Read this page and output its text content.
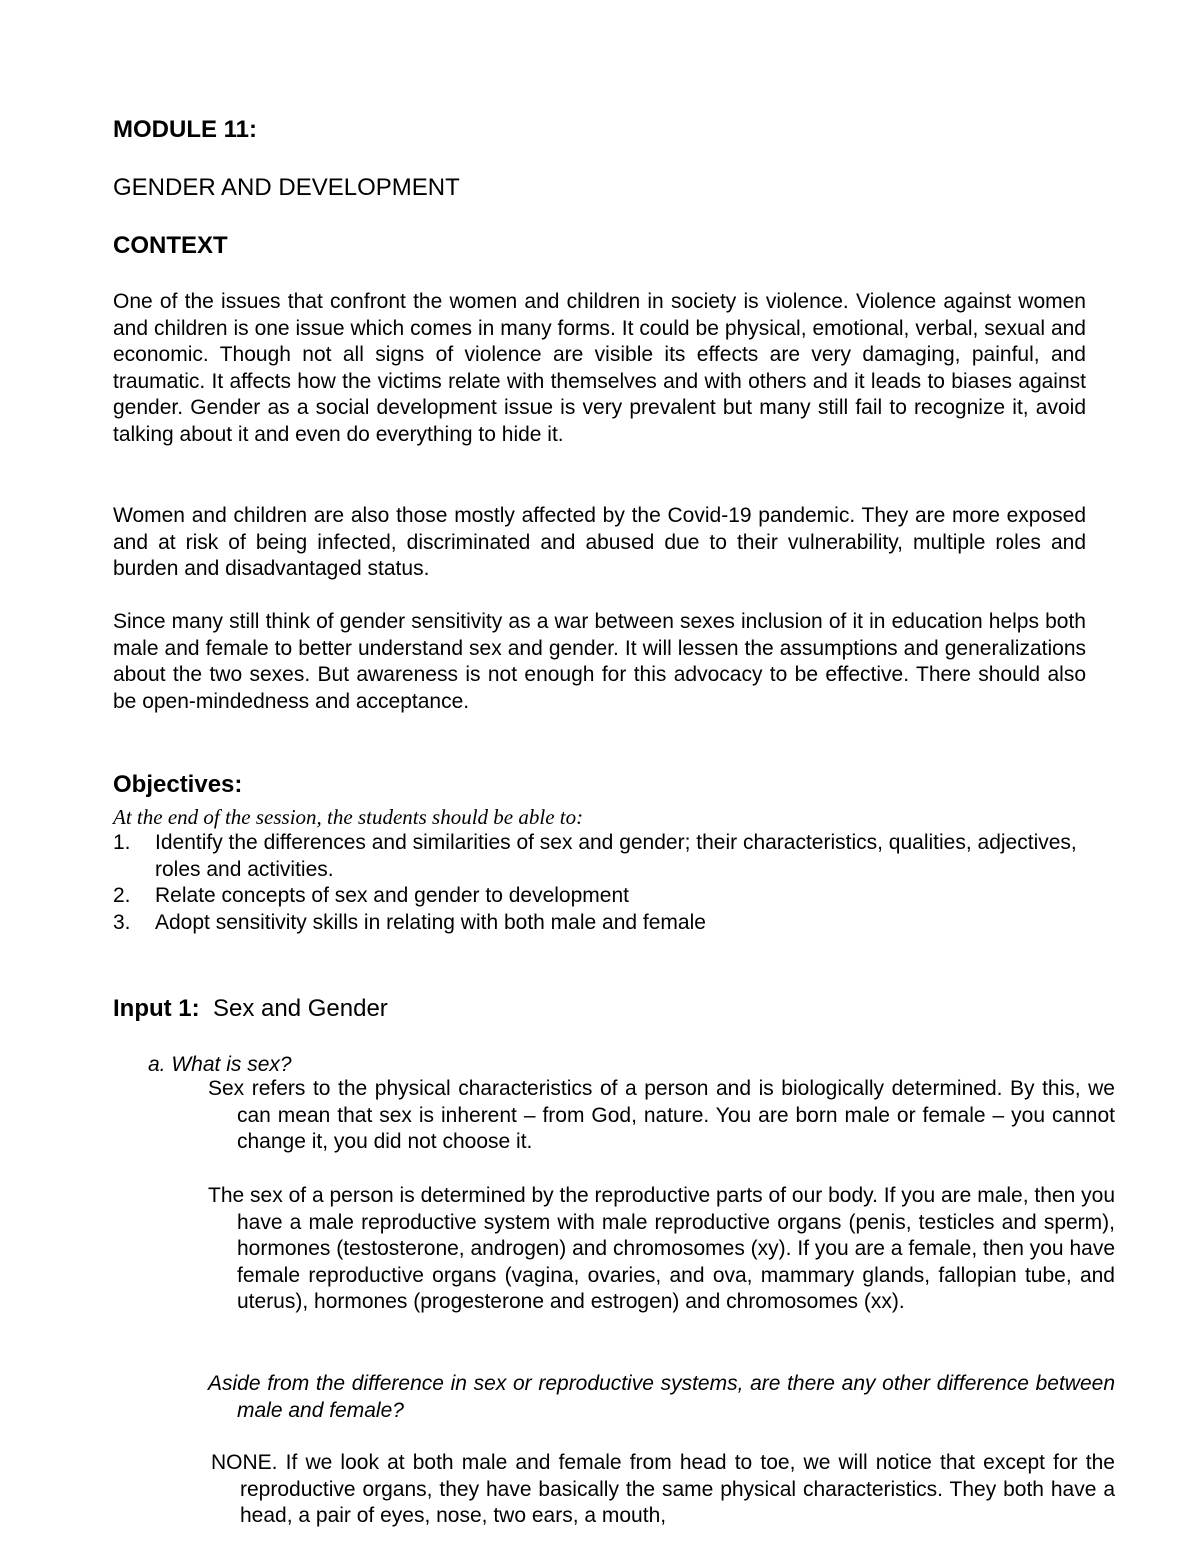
MODULE 11:
GENDER AND DEVELOPMENT
CONTEXT

One of the issues that confront the women and children in society is violence. Violence against women and children is one issue which comes in many forms. It could be physical, emotional, verbal, sexual and economic. Though not all signs of violence are visible its effects are very damaging, painful, and traumatic. It affects how the victims relate with themselves and with others and it leads to biases against gender. Gender as a social development issue is very prevalent but many still fail to recognize it, avoid talking about it and even do everything to hide it.

Women and children are also those mostly affected by the Covid-19 pandemic. They are more exposed and at risk of being infected, discriminated and abused due to their vulnerability, multiple roles and burden and disadvantaged status.

Since many still think of gender sensitivity as a war between sexes inclusion of it in education helps both male and female to better understand sex and gender. It will lessen the assumptions and generalizations about the two sexes. But awareness is not enough for this advocacy to be effective. There should also be open-mindedness and acceptance.

Objectives:

At the end of the session, the students should be able to:

1. Identify the differences and similarities of sex and gender; their characteristics, qualities, adjectives, roles and activities.
2. Relate concepts of sex and gender to development
3. Adopt sensitivity skills in relating with both male and female
Input 1: Sex and Gender

a. What is sex?

Sex refers to the physical characteristics of a person and is biologically determined. By this, we can mean that sex is inherent – from God, nature. You are born male or female – you cannot change it, you did not choose it.

The sex of a person is determined by the reproductive parts of our body. If you are male, then you have a male reproductive system with male reproductive organs (penis, testicles and sperm), hormones (testosterone, androgen) and chromosomes (xy). If you are a female, then you have female reproductive organs (vagina, ovaries, and ova, mammary glands, fallopian tube, and uterus), hormones (progesterone and estrogen) and chromosomes (xx).

Aside from the difference in sex or reproductive systems, are there any other difference between male and female?

NONE. If we look at both male and female from head to toe, we will notice that except for the reproductive organs, they have basically the same physical characteristics. They both have a head, a pair of eyes, nose, two ears, a mouth,
